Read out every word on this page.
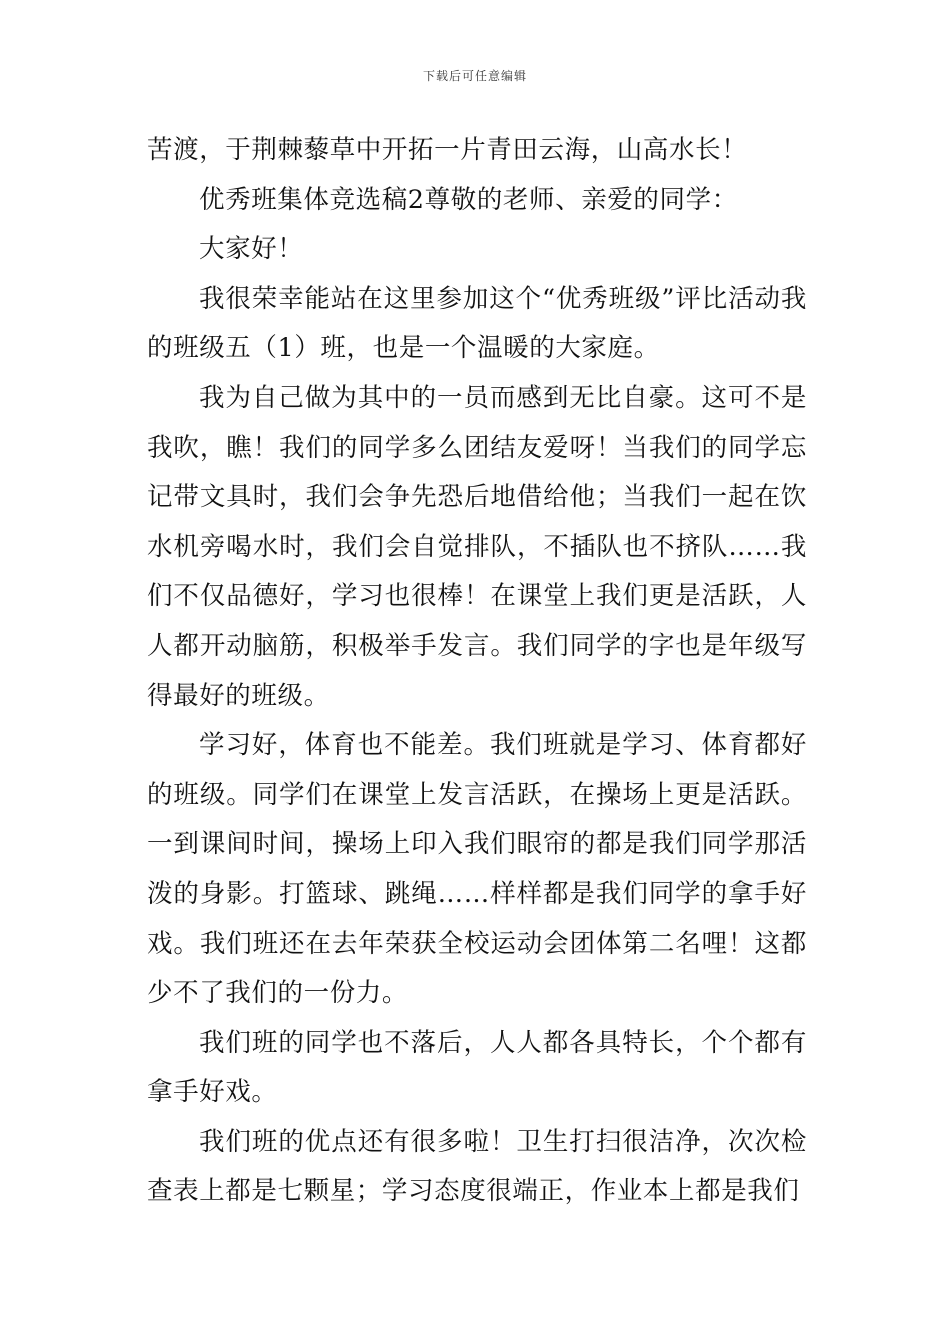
下载后可任意编辑

苦渡，于荆棘藜草中开拓一片青田云海，山高水长！

优秀班集体竞选稿2尊敬的老师、亲爱的同学：

大家好！

我很荣幸能站在这里参加这个“优秀班级”评比活动我的班级五（1）班，也是一个温暖的大家庭。

我为自己做为其中的一员而感到无比自豪。这可不是我吹，瞧！我们的同学多么团结友爱呀！当我们的同学忘记带文具时，我们会争先恐后地借给他；当我们一起在饮水机旁喝水时，我们会自觉排队，不插队也不挤队……我们不仅品德好，学习也很棒！在课堂上我们更是活跃，人人都开动脑筋，积极举手发言。我们同学的字也是年级写得最好的班级。

学习好，体育也不能差。我们班就是学习、体育都好的班级。同学们在课堂上发言活跃，在操场上更是活跃。一到课间时间，操场上印入我们眼帘的都是我们同学那活泼的身影。打篮球、跳绳……样样都是我们同学的拿手好戏。我们班还在去年荣获全校运动会团体第二名哩！这都少不了我们的一份力。

我们班的同学也不落后，人人都各具特长，个个都有拿手好戏。

我们班的优点还有很多啦！卫生打扫很洁净，次次检查表上都是七颗星；学习态度很端正，作业本上都是我们
